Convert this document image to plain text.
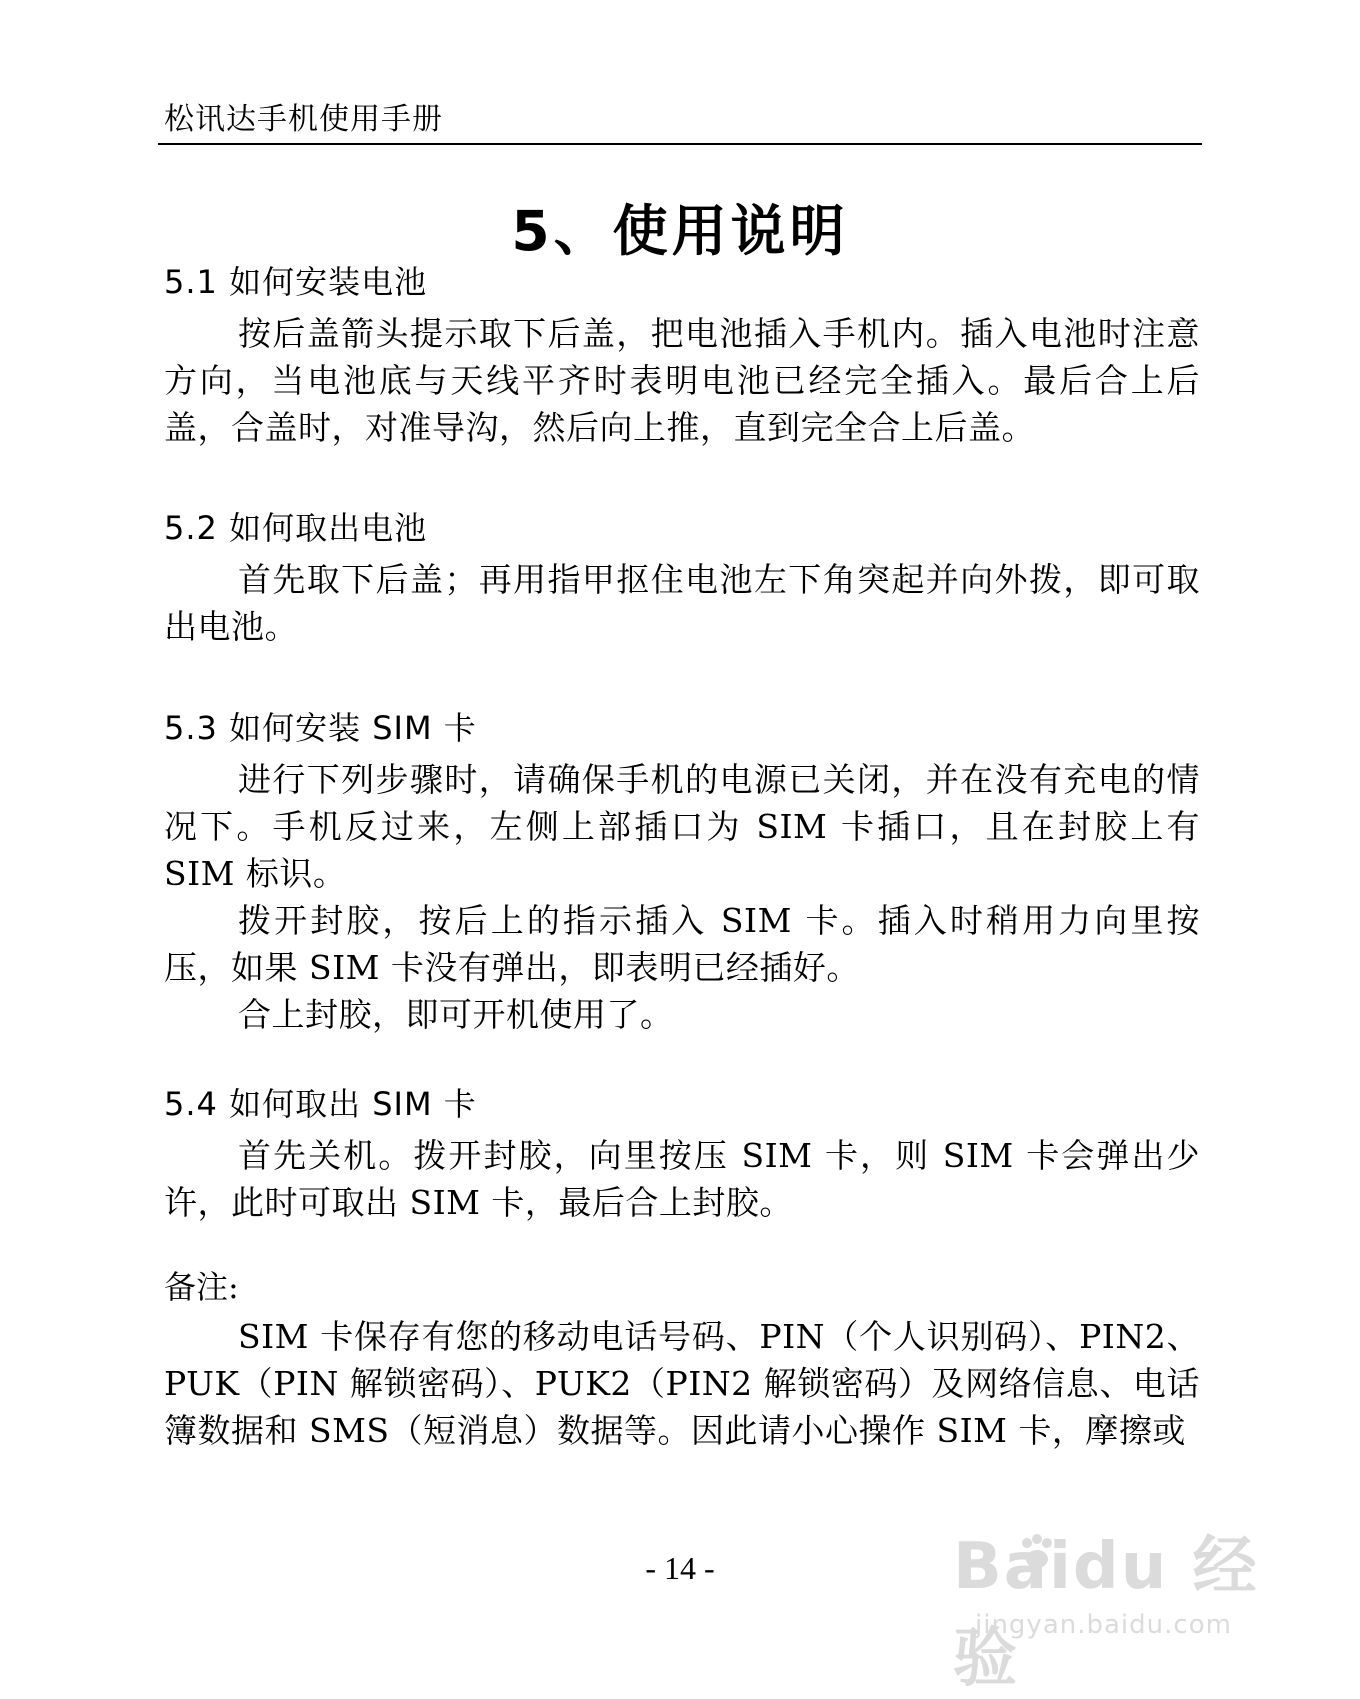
松讯达手机使用手册
5、使用说明
5.1 如何安装电池

按后盖箭头提示取下后盖，把电池插入手机内。插入电池时注意方向，当电池底与天线平齐时表明电池已经完全插入。最后合上后盖，合盖时，对准导沟，然后向上推，直到完全合上后盖。

5.2 如何取出电池

首先取下后盖；再用指甲抠住电池左下角突起并向外拨，即可取出电池。

5.3 如何安装 SIM 卡

进行下列步骤时，请确保手机的电源已关闭，并在没有充电的情况下。手机反过来，左侧上部插口为 SIM 卡插口，且在封胶上有 SIM 标识。

拨开封胶，按后上的指示插入 SIM 卡。插入时稍用力向里按压，如果 SIM 卡没有弹出，即表明已经插好。

合上封胶，即可开机使用了。

5.4 如何取出 SIM 卡

首先关机。拨开封胶，向里按压 SIM 卡，则 SIM 卡会弹出少许，此时可取出 SIM 卡，最后合上封胶。

备注:

SIM 卡保存有您的移动电话号码、PIN（个人识别码）、PIN2、PUK（PIN 解锁密码）、PUK2（PIN2 解锁密码）及网络信息、电话簿数据和 SMS（短消息）数据等。因此请小心操作 SIM 卡，摩擦或

- 14 -	Baidu 经验
jingyan.baidu.com
